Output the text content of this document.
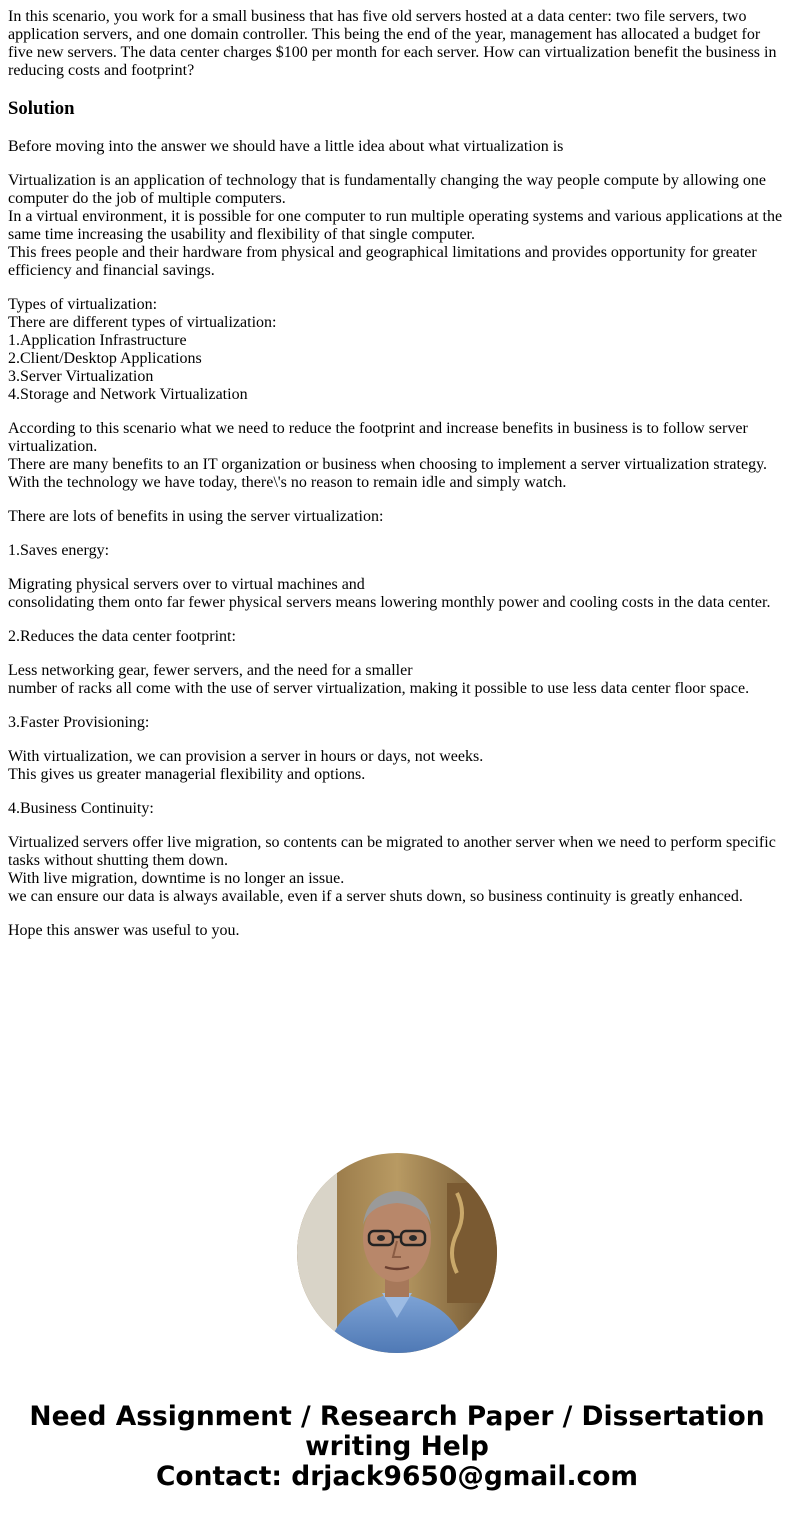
In this scenario, you work for a small business that has five old servers hosted at a data center: two file servers, two application servers, and one domain controller. This being the end of the year, management has allocated a budget for five new servers. The data center charges $100 per month for each server. How can virtualization benefit the business in reducing costs and footprint?

Solution

Before moving into the answer we should have a little idea about what virtualization is

Virtualization is an application of technology that is fundamentally changing the way people compute by allowing one computer do the job of multiple computers.
In a virtual environment, it is possible for one computer to run multiple operating systems and various applications at the same time increasing the usability and flexibility of that single computer.
This frees people and their hardware from physical and geographical limitations and provides opportunity for greater efficiency and financial savings.

Types of virtualization:
There are different types of virtualization:
1.Application Infrastructure
2.Client/Desktop Applications
3.Server Virtualization
4.Storage and Network Virtualization

According to this scenario what we need to reduce the footprint and increase benefits in business is to follow server virtualization.
There are many benefits to an IT organization or business when choosing to implement a server virtualization strategy.
With the technology we have today, there\'s no reason to remain idle and simply watch.

There are lots of benefits in using the server virtualization:

1.Saves energy:

Migrating physical servers over to virtual machines and
consolidating them onto far fewer physical servers means lowering monthly power and cooling costs in the data center.

2.Reduces the data center footprint:

Less networking gear, fewer servers, and the need for a smaller
number of racks all come with the use of server virtualization, making it possible to use less data center floor space.

3.Faster Provisioning:

With virtualization, we can provision a server in hours or days, not weeks.
This gives us greater managerial flexibility and options.

4.Business Continuity:

Virtualized servers offer live migration, so contents can be migrated to another server when we need to perform specific tasks without shutting them down.
With live migration, downtime is no longer an issue.
we can ensure our data is always available, even if a server shuts down, so business continuity is greatly enhanced.

Hope this answer was useful to you.

Need Assignment / Research Paper / Dissertation
writing Help
Contact: drjack9650@gmail.com
